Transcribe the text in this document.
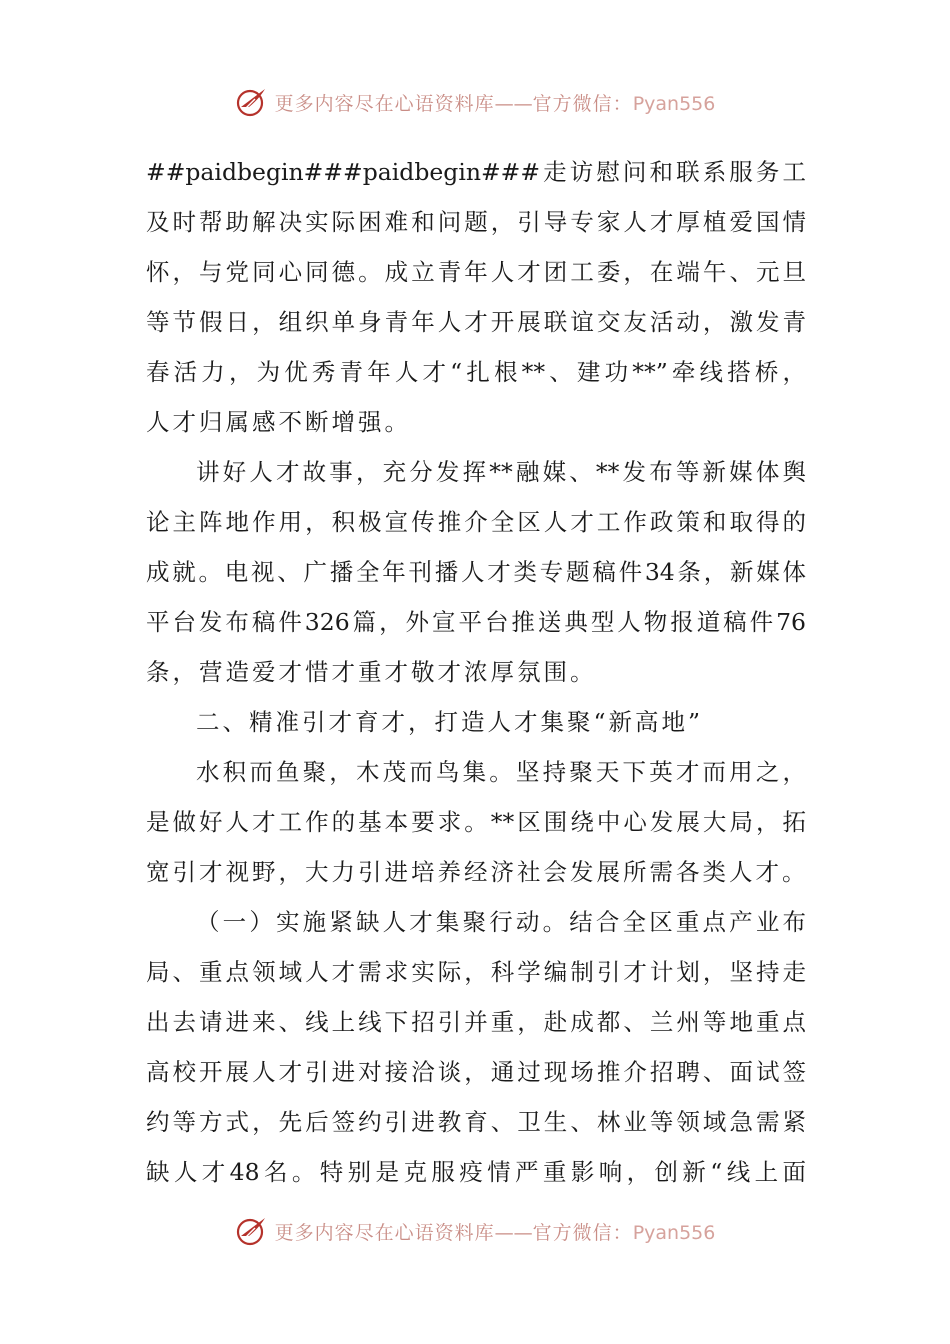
更多内容尽在心语资料库——官方微信：Pyan556
##paidbegin###paidbegin###走访慰问和联系服务工
及时帮助解决实际困难和问题，引导专家人才厚植爱国情
怀，与党同心同德。成立青年人才团工委，在端午、元旦
等节假日，组织单身青年人才开展联谊交友活动，激发青
春活力，为优秀青年人才“扎根**、建功**”牵线搭桥，
人才归属感不断增强。
讲好人才故事，充分发挥**融媒、**发布等新媒体舆
论主阵地作用，积极宣传推介全区人才工作政策和取得的
成就。电视、广播全年刊播人才类专题稿件34条，新媒体
平台发布稿件326篇，外宣平台推送典型人物报道稿件76
条，营造爱才惜才重才敬才浓厚氛围。
二、精准引才育才，打造人才集聚“新高地”
水积而鱼聚，木茂而鸟集。坚持聚天下英才而用之，
是做好人才工作的基本要求。**区围绕中心发展大局，拓
宽引才视野，大力引进培养经济社会发展所需各类人才。
（一）实施紧缺人才集聚行动。结合全区重点产业布
局、重点领域人才需求实际，科学编制引才计划，坚持走
出去请进来、线上线下招引并重，赴成都、兰州等地重点
高校开展人才引进对接洽谈，通过现场推介招聘、面试签
约等方式，先后签约引进教育、卫生、林业等领域急需紧
缺人才48名。特别是克服疫情严重影响，创新“线上面
更多内容尽在心语资料库——官方微信：Pyan556
